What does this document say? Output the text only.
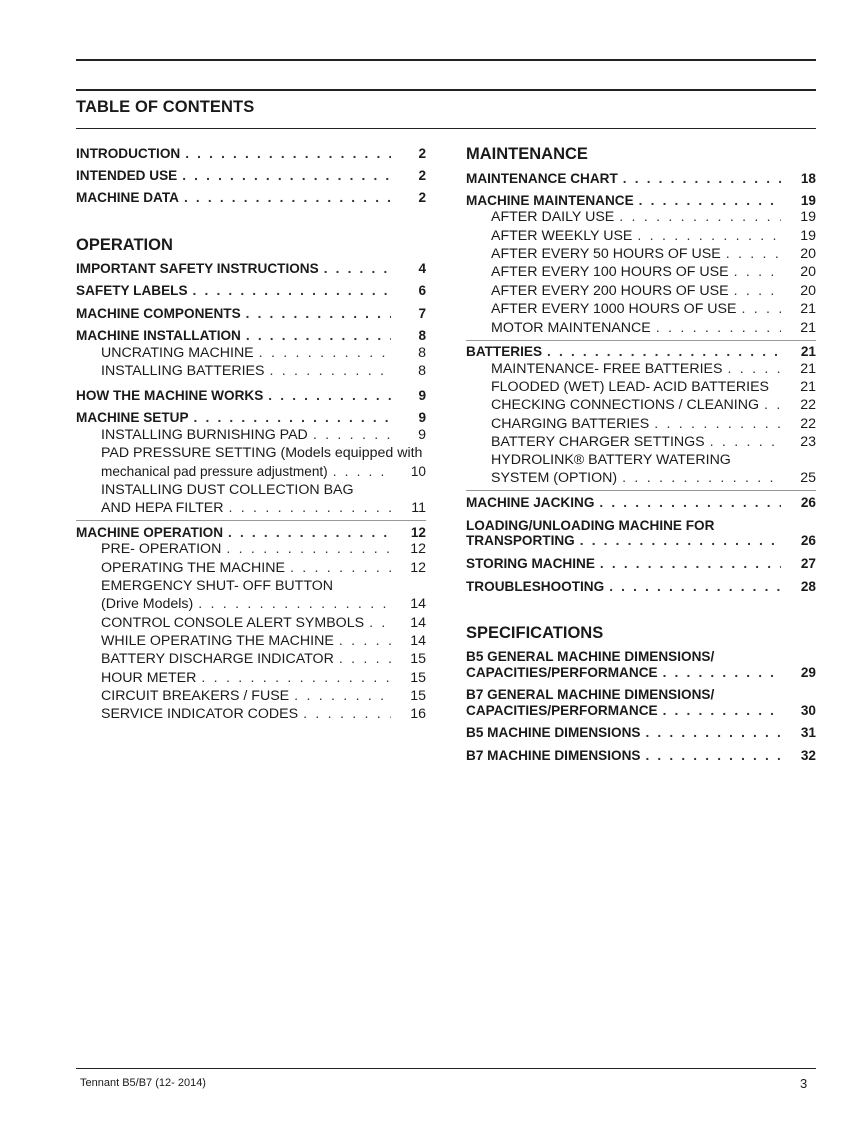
TABLE OF CONTENTS
INTRODUCTION . . .	2
INTENDED USE . . .	2
MACHINE DATA . . .	2
OPERATION
IMPORTANT SAFETY INSTRUCTIONS . . .	4
SAFETY LABELS . . .	6
MACHINE COMPONENTS . . .	7
MACHINE INSTALLATION . . .	8
UNCRATING MACHINE . . .	8
INSTALLING BATTERIES . . .	8
HOW THE MACHINE WORKS . . .	9
MACHINE SETUP . . .	9
INSTALLING BURNISHING PAD . . .	9
PAD PRESSURE SETTING (Models equipped with
mechanical pad pressure adjustment) . . .	10
INSTALLING DUST COLLECTION BAG
AND HEPA FILTER . . .	11
MACHINE OPERATION . . .	12
PRE- OPERATION . . .	12
OPERATING THE MACHINE . . .	12
EMERGENCY SHUT- OFF BUTTON
(Drive Models) . . .	14
CONTROL CONSOLE ALERT SYMBOLS . . .	14
WHILE OPERATING THE MACHINE . . .	14
BATTERY DISCHARGE INDICATOR . . .	15
HOUR METER . . .	15
CIRCUIT BREAKERS / FUSE . . .	15
SERVICE INDICATOR CODES . . .	16
MAINTENANCE
MAINTENANCE CHART . . .	18
MACHINE MAINTENANCE . . .	19
AFTER DAILY USE . . .	19
AFTER WEEKLY USE . . .	19
AFTER EVERY 50 HOURS OF USE . . .	20
AFTER EVERY 100 HOURS OF USE . . .	20
AFTER EVERY 200 HOURS OF USE . . .	20
AFTER EVERY 1000 HOURS OF USE . . .	21
MOTOR MAINTENANCE . . .	21
BATTERIES . . .	21
MAINTENANCE- FREE BATTERIES . . .	21
FLOODED (WET) LEAD- ACID BATTERIES	21
CHECKING CONNECTIONS / CLEANING . . .	22
CHARGING BATTERIES . . .	22
BATTERY CHARGER SETTINGS . . .	23
HYDROLINK® BATTERY WATERING
SYSTEM (OPTION) . . .	25
MACHINE JACKING . . .	26
LOADING/UNLOADING MACHINE FOR
TRANSPORTING . . .	26
STORING MACHINE . . .	27
TROUBLESHOOTING . . .	28
SPECIFICATIONS
B5 GENERAL MACHINE DIMENSIONS/
CAPACITIES/PERFORMANCE . . .	29
B7 GENERAL MACHINE DIMENSIONS/
CAPACITIES/PERFORMANCE . . .	30
B5 MACHINE DIMENSIONS . . .	31
B7 MACHINE DIMENSIONS . . .	32
Tennant B5/B7 (12- 2014)	3
